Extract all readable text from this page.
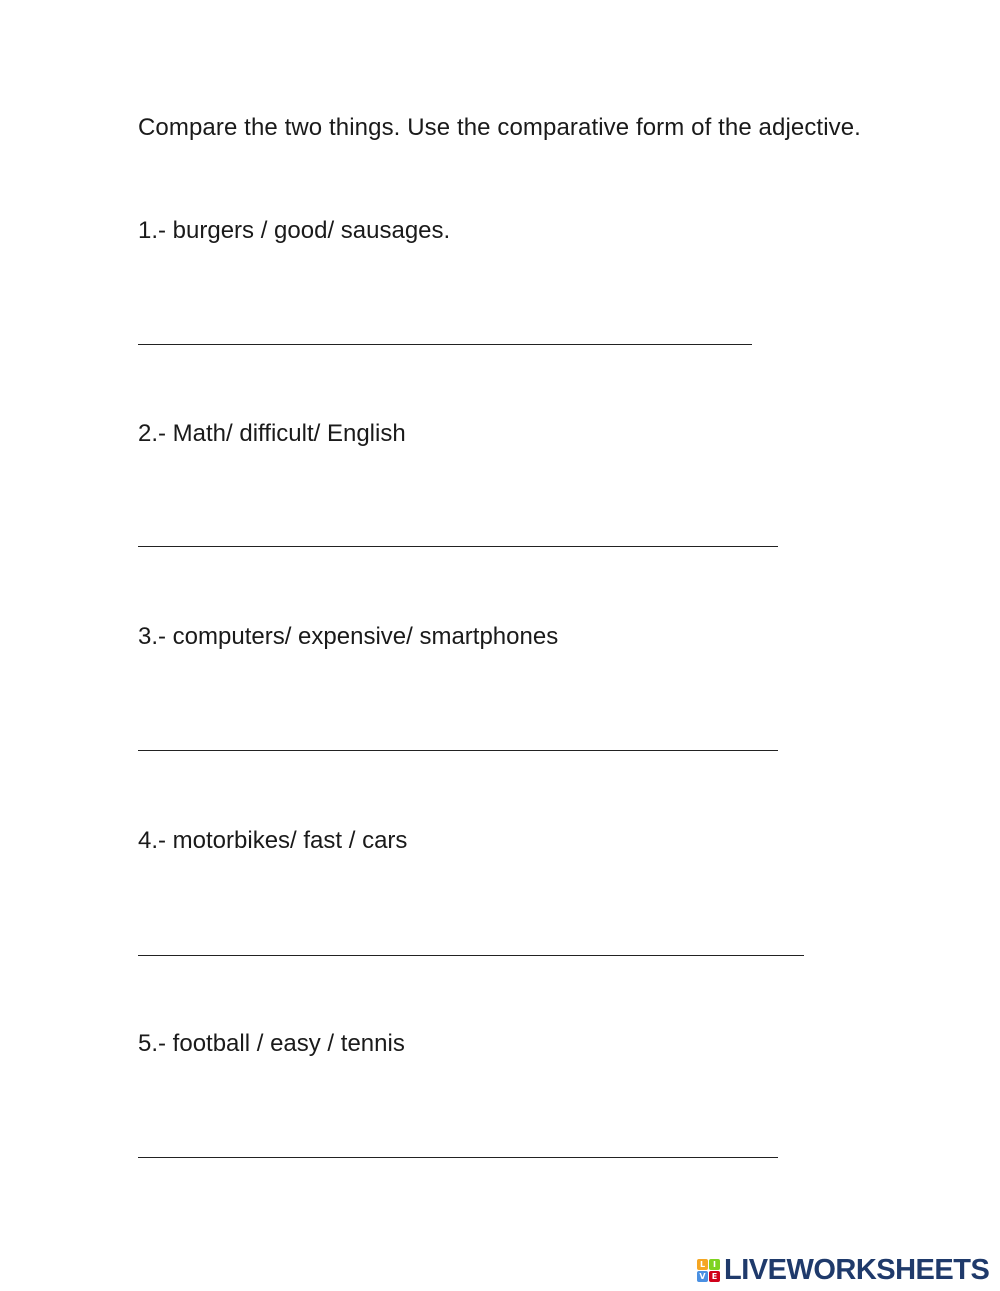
Compare the two things. Use the comparative form of the adjective.
1.- burgers / good/ sausages.
2.- Math/ difficult/ English
3.- computers/ expensive/ smartphones
4.- motorbikes/ fast / cars
5.- football / easy / tennis
L I
V E LIVEWORKSHEETS
